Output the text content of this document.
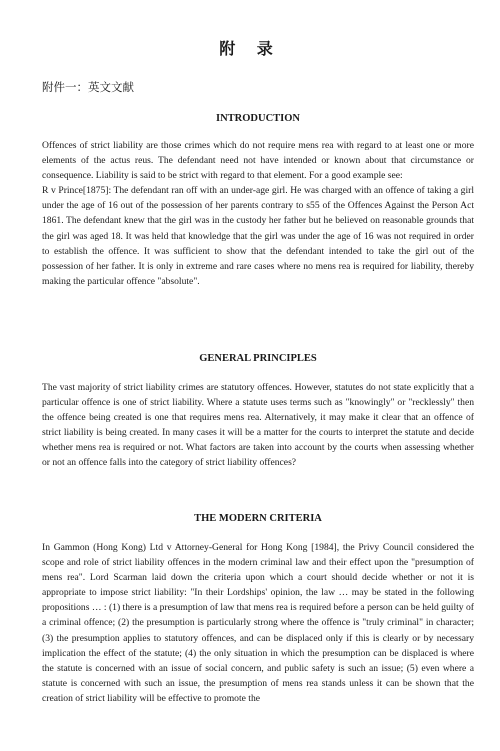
附 录

附件一：英文文献

INTRODUCTION

Offences of strict liability are those crimes which do not require mens rea with regard to at least one or more elements of the actus reus. The defendant need not have intended or known about that circumstance or consequence. Liability is said to be strict with regard to that element. For a good example see:

R v Prince[1875]: The defendant ran off with an under-age girl. He was charged with an offence of taking a girl under the age of 16 out of the possession of her parents contrary to s55 of the Offences Against the Person Act 1861. The defendant knew that the girl was in the custody her father but he believed on reasonable grounds that the girl was aged 18. It was held that knowledge that the girl was under the age of 16 was not required in order to establish the offence. It was sufficient to show that the defendant intended to take the girl out of the possession of her father. It is only in extreme and rare cases where no mens rea is required for liability, thereby making the particular offence "absolute".

GENERAL PRINCIPLES

The vast majority of strict liability crimes are statutory offences. However, statutes do not state explicitly that a particular offence is one of strict liability. Where a statute uses terms such as "knowingly" or "recklessly" then the offence being created is one that requires mens rea. Alternatively, it may make it clear that an offence of strict liability is being created. In many cases it will be a matter for the courts to interpret the statute and decide whether mens rea is required or not. What factors are taken into account by the courts when assessing whether or not an offence falls into the category of strict liability offences?

THE MODERN CRITERIA

In Gammon (Hong Kong) Ltd v Attorney-General for Hong Kong [1984], the Privy Council considered the scope and role of strict liability offences in the modern criminal law and their effect upon the "presumption of mens rea". Lord Scarman laid down the criteria upon which a court should decide whether or not it is appropriate to impose strict liability: "In their Lordships' opinion, the law … may be stated in the following propositions … : (1) there is a presumption of law that mens rea is required before a person can be held guilty of a criminal offence; (2) the presumption is particularly strong where the offence is "truly criminal" in character; (3) the presumption applies to statutory offences, and can be displaced only if this is clearly or by necessary implication the effect of the statute; (4) the only situation in which the presumption can be displaced is where the statute is concerned with an issue of social concern, and public safety is such an issue; (5) even where a statute is concerned with such an issue, the presumption of mens rea stands unless it can be shown that the creation of strict liability will be effective to promote the
